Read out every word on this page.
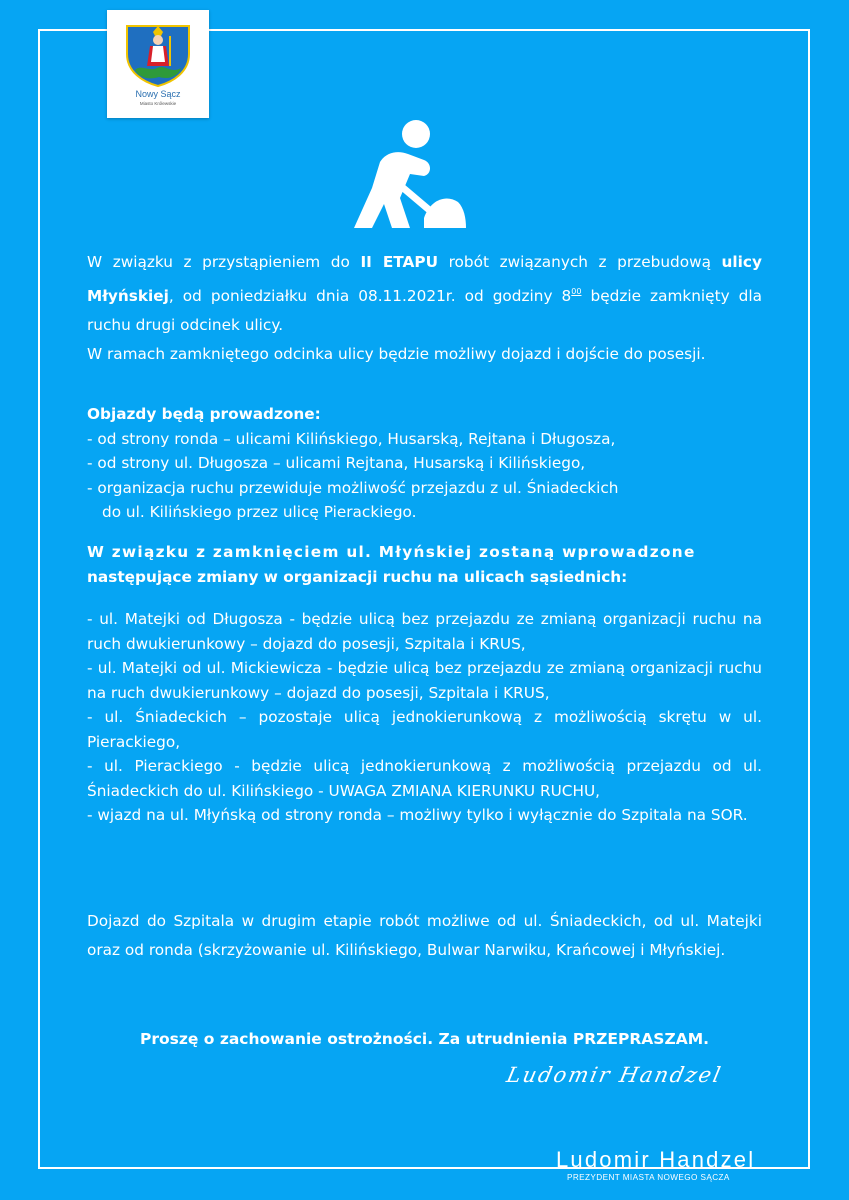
Nowy Sącz
Miasto Królewskie

W związku z przystąpieniem do II ETAPU robót związanych z przebudową ulicy Młyńskiej, od poniedziałku dnia 08.11.2021r. od godziny $8^{00}$ będzie zamknięty dla ruchu drugi odcinek ulicy.

W ramach zamkniętego odcinka ulicy będzie możliwy dojazd i dojście do posesji.

Objazdy będą prowadzone:

- od strony ronda – ulicami Kilińskiego, Husarską, Rejtana i Długosza,

- od strony ul. Długosza – ulicami Rejtana, Husarską i Kilińskiego,

- organizacja ruchu przewiduje możliwość przejazdu z ul. Śniadeckich

do ul. Kilińskiego przez ulicę Pierackiego.

W związku z zamknięciem ul. Młyńskiej zostaną wprowadzone

następujące zmiany w organizacji ruchu na ulicach sąsiednich:

- ul. Matejki od Długosza - będzie ulicą bez przejazdu ze zmianą organizacji ruchu na ruch dwukierunkowy – dojazd do posesji, Szpitala i KRUS,

- ul. Matejki od ul. Mickiewicza - będzie ulicą bez przejazdu ze zmianą organizacji ruchu na ruch dwukierunkowy – dojazd do posesji, Szpitala i KRUS,

- ul. Śniadeckich – pozostaje ulicą jednokierunkową z możliwością skrętu w ul. Pierackiego,

- ul. Pierackiego - będzie ulicą jednokierunkową z możliwością przejazdu od ul. Śniadeckich do ul. Kilińskiego - UWAGA ZMIANA KIERUNKU RUCHU,

- wjazd na ul. Młyńską od strony ronda – możliwy tylko i wyłącznie do Szpitala na SOR.

Dojazd do Szpitala w drugim etapie robót możliwe od ul. Śniadeckich, od ul. Matejki oraz od ronda (skrzyżowanie ul. Kilińskiego, Bulwar Narwiku, Krańcowej i Młyńskiej.

Proszę o zachowanie ostrożności. Za utrudnienia PRZEPRASZAM.
Ludomir Handzel
Ludomir Handzel
PREZYDENT MIASTA NOWEGO SĄCZA
